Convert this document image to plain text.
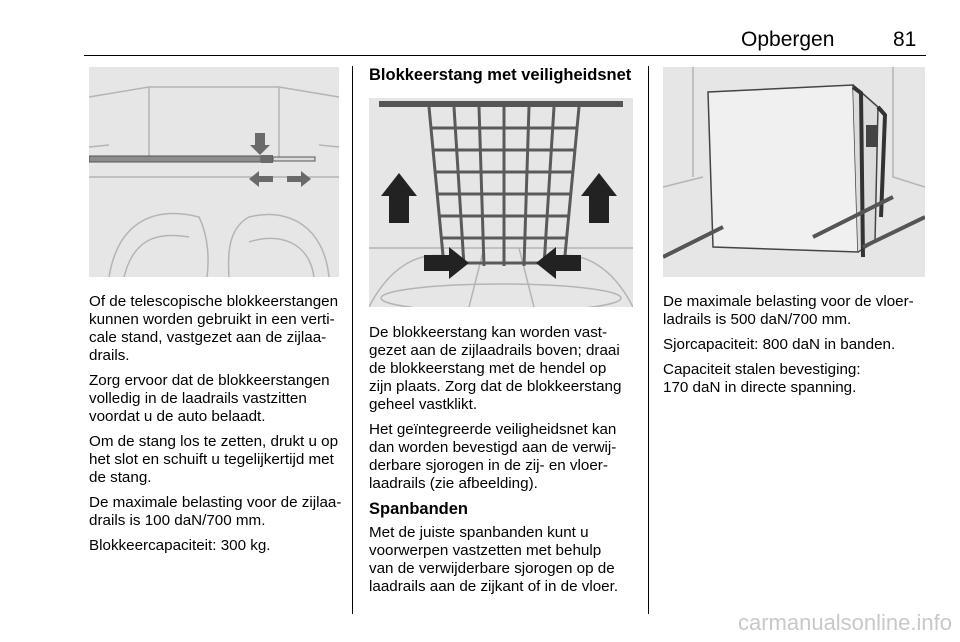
Opbergen	81

Of de telescopische blokkeerstangen
kunnen worden gebruikt in een verti-
cale stand, vastgezet aan de zijlaa-
drails.

Zorg ervoor dat de blokkeerstangen
volledig in de laadrails vastzitten
voordat u de auto belaadt.

Om de stang los te zetten, drukt u op
het slot en schuift u tegelijkertijd met
de stang.

De maximale belasting voor de zijlaa-
drails is 100 daN/700 mm.

Blokkeercapaciteit: 300 kg.

Blokkeerstang met veiligheidsnet

De blokkeerstang kan worden vast-
gezet aan de zijlaadrails boven; draai
de blokkeerstang met de hendel op
zijn plaats. Zorg dat de blokkeerstang
geheel vastklikt.

Het geïntegreerde veiligheidsnet kan
dan worden bevestigd aan de verwij-
derbare sjorogen in de zij- en vloer-
laadrails (zie afbeelding).

Spanbanden

Met de juiste spanbanden kunt u
voorwerpen vastzetten met behulp
van de verwijderbare sjorogen op de
laadrails aan de zijkant of in de vloer.

De maximale belasting voor de vloer-
ladrails is 500 daN/700 mm.

Sjorcapaciteit: 800 daN in banden.

Capaciteit stalen bevestiging:
170 daN in directe spanning.

carmanualsonline.info
